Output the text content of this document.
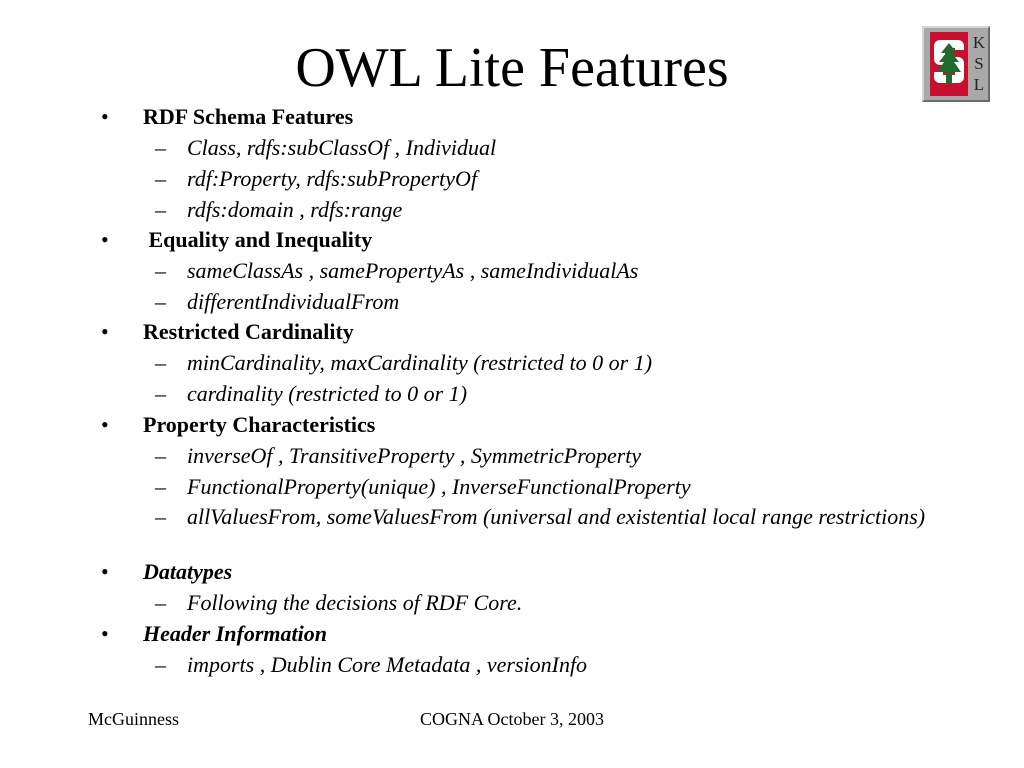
OWL Lite Features	K
S
L
• RDF Schema Features
– Class, rdfs:subClassOf , Individual
– rdf:Property, rdfs:subPropertyOf
– rdfs:domain , rdfs:range
• Equality and Inequality
– sameClassAs , samePropertyAs , sameIndividualAs
– differentIndividualFrom
• Restricted Cardinality
– minCardinality, maxCardinality (restricted to 0 or 1)
– cardinality (restricted to 0 or 1)
• Property Characteristics
– inverseOf , TransitiveProperty , SymmetricProperty
– FunctionalProperty(unique) , InverseFunctionalProperty
– allValuesFrom, someValuesFrom (universal and existential local range restrictions)
• Datatypes
– Following the decisions of RDF Core.
• Header Information
– imports , Dublin Core Metadata , versionInfo
McGuinness	COGNA October 3, 2003
